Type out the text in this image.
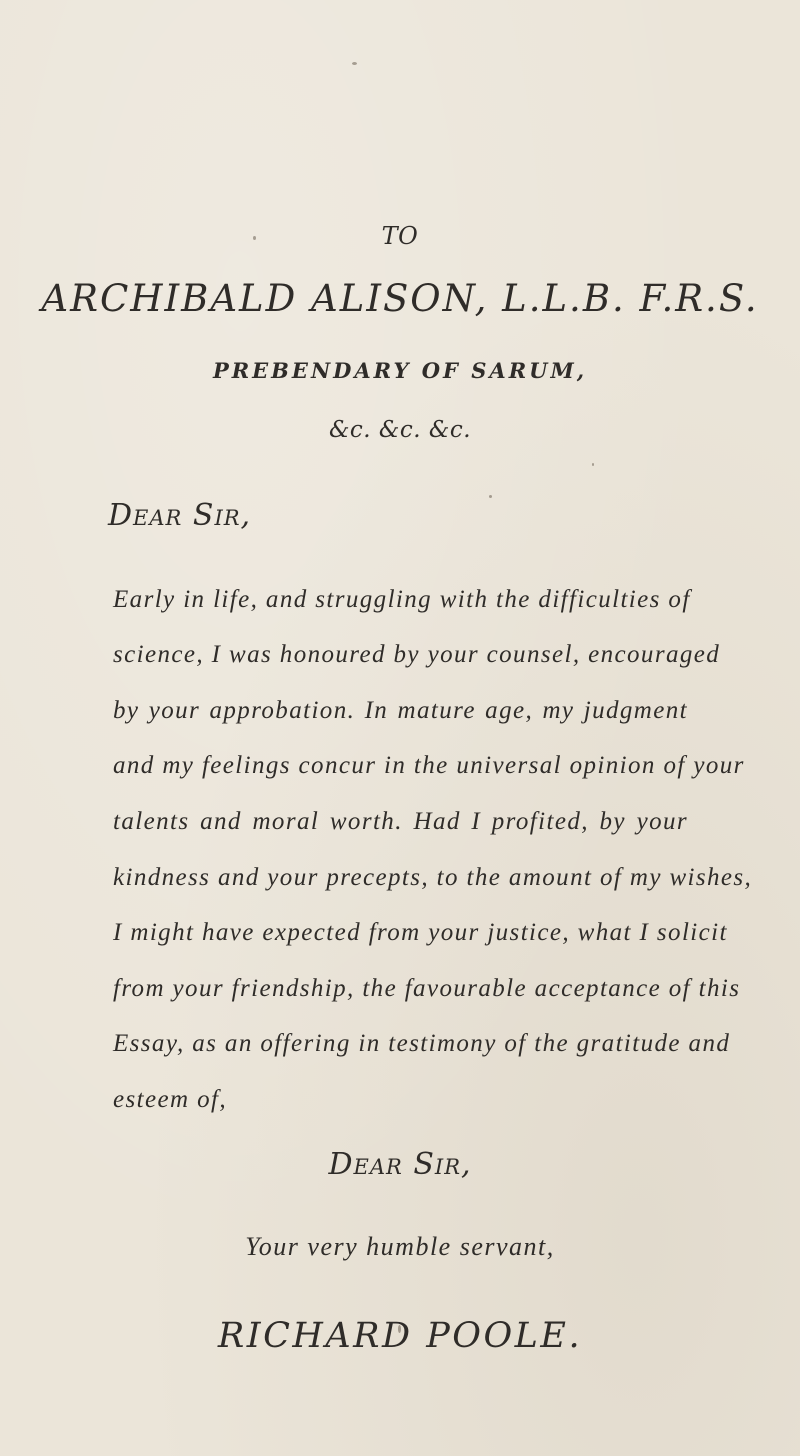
TO
ARCHIBALD ALISON, L.L.B. F.R.S.
PREBENDARY OF SARUM,
&c. &c. &c.
Dear Sir,
Early in life, and struggling with the difficulties of
science, I was honoured by your counsel, encouraged
by your approbation. In mature age, my judgment
and my feelings concur in the universal opinion of your
talents and moral worth. Had I profited, by your
kindness and your precepts, to the amount of my wishes,
I might have expected from your justice, what I solicit
from your friendship, the favourable acceptance of this
Essay, as an offering in testimony of the gratitude and
esteem of,
Dear Sir,
Your very humble servant,
RICHARD POOLE.
